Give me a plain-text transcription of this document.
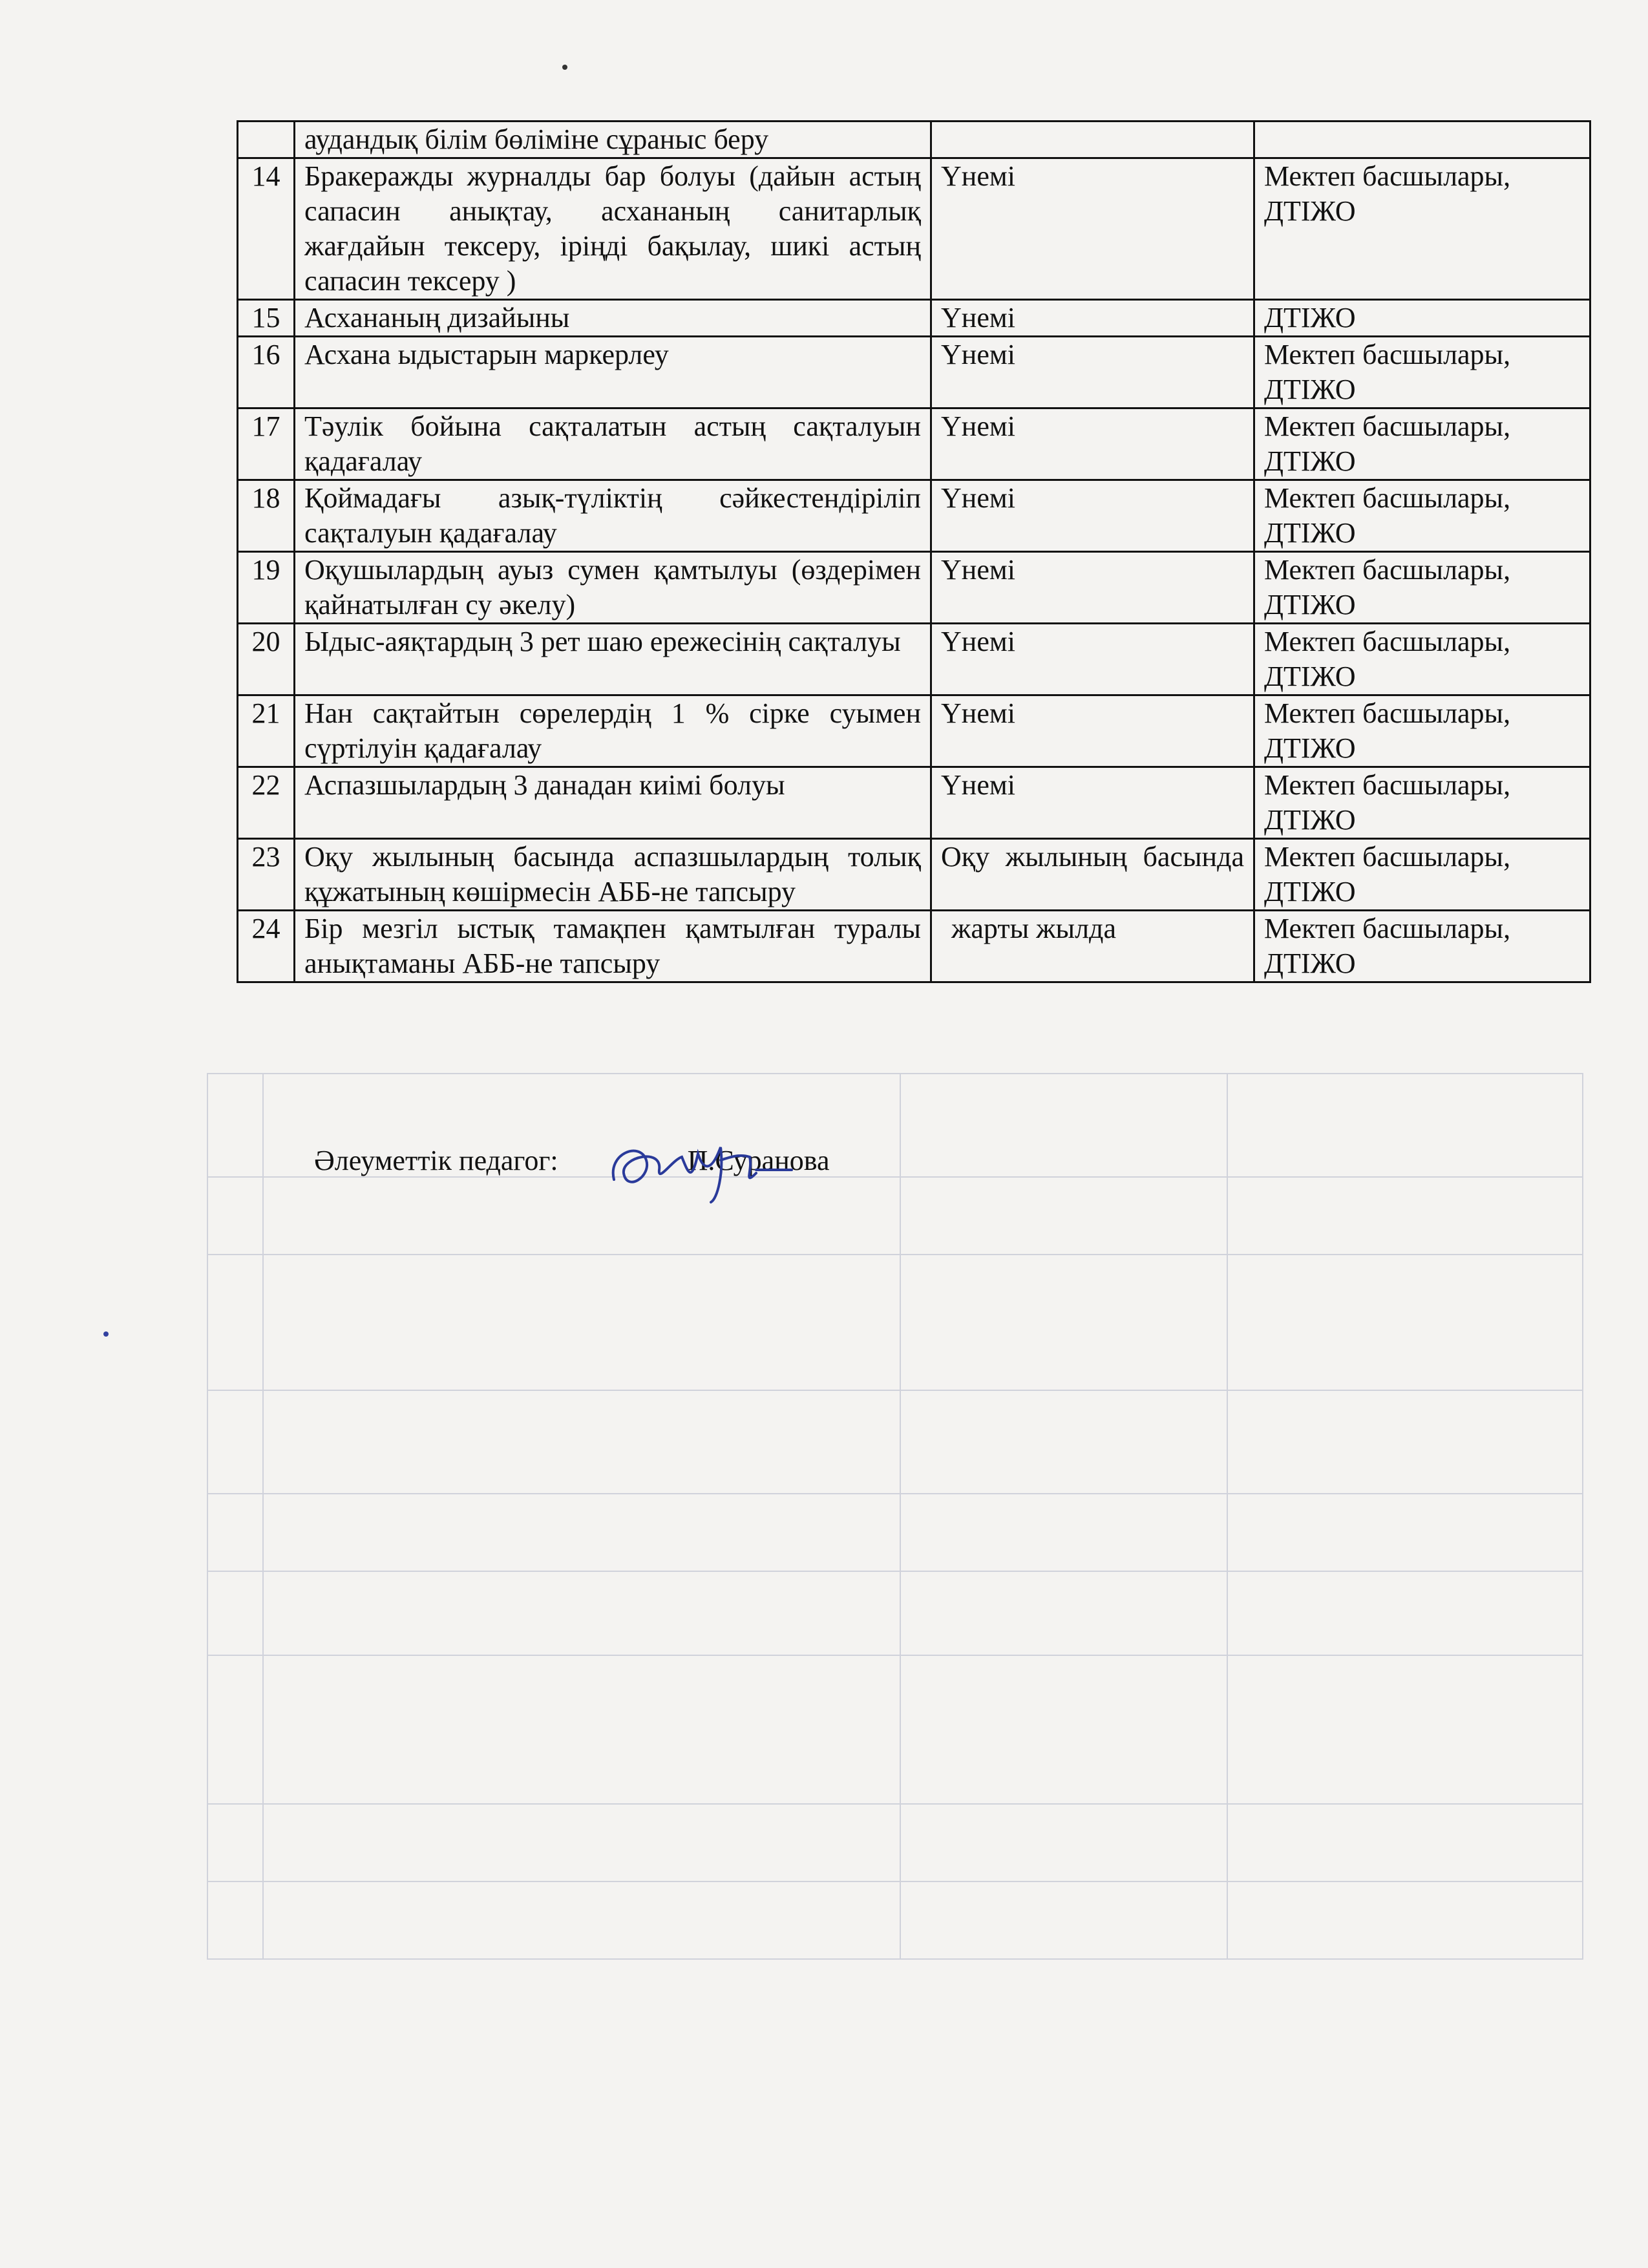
	аудандық білім бөліміне сұраныс беру		
14	Бракеражды журналды бар болуы (дайын астың сапасин анықтау, асхананың санитарлық жағдайын тексеру, іріңді бақылау, шикі астың сапасин тексеру )	Үнемі	Мектеп басшылары, ДТІЖО
15	Асхананың дизайыны	Үнемі	ДТІЖО
16	Асхана ыдыстарын маркерлеу	Үнемі	Мектеп басшылары, ДТІЖО
17	Тәулік бойына сақталатын астың сақталуын қадағалау	Үнемі	Мектеп басшылары, ДТІЖО
18	Қоймадағы азық-түліктің сәйкестендіріліп сақталуын қадағалау	Үнемі	Мектеп басшылары, ДТІЖО
19	Оқушылардың ауыз сумен қамтылуы (өздерімен қайнатылған су әкелу)	Үнемі	Мектеп басшылары, ДТІЖО
20	Ыдыс-аяқтардың 3 рет шаю ережесінің сақталуы	Үнемі	Мектеп басшылары, ДТІЖО
21	Нан сақтайтын сөрелердің 1 % сірке суымен сүртілуін қадағалау	Үнемі	Мектеп басшылары, ДТІЖО
22	Аспазшылардың 3 данадан киімі болуы	Үнемі	Мектеп басшылары, ДТІЖО
23	Оқу жылының басында аспазшылардың толық құжатының көшірмесін АББ-не тапсыру	Оқу жылының басында	Мектеп басшылары, ДТІЖО
24	Бір мезгіл ыстық тамақпен қамтылған туралы анықтаманы АББ-не тапсыру	жарты жылда	Мектеп басшылары, ДТІЖО
Әлеуметтік педагог:	П.Суранова
